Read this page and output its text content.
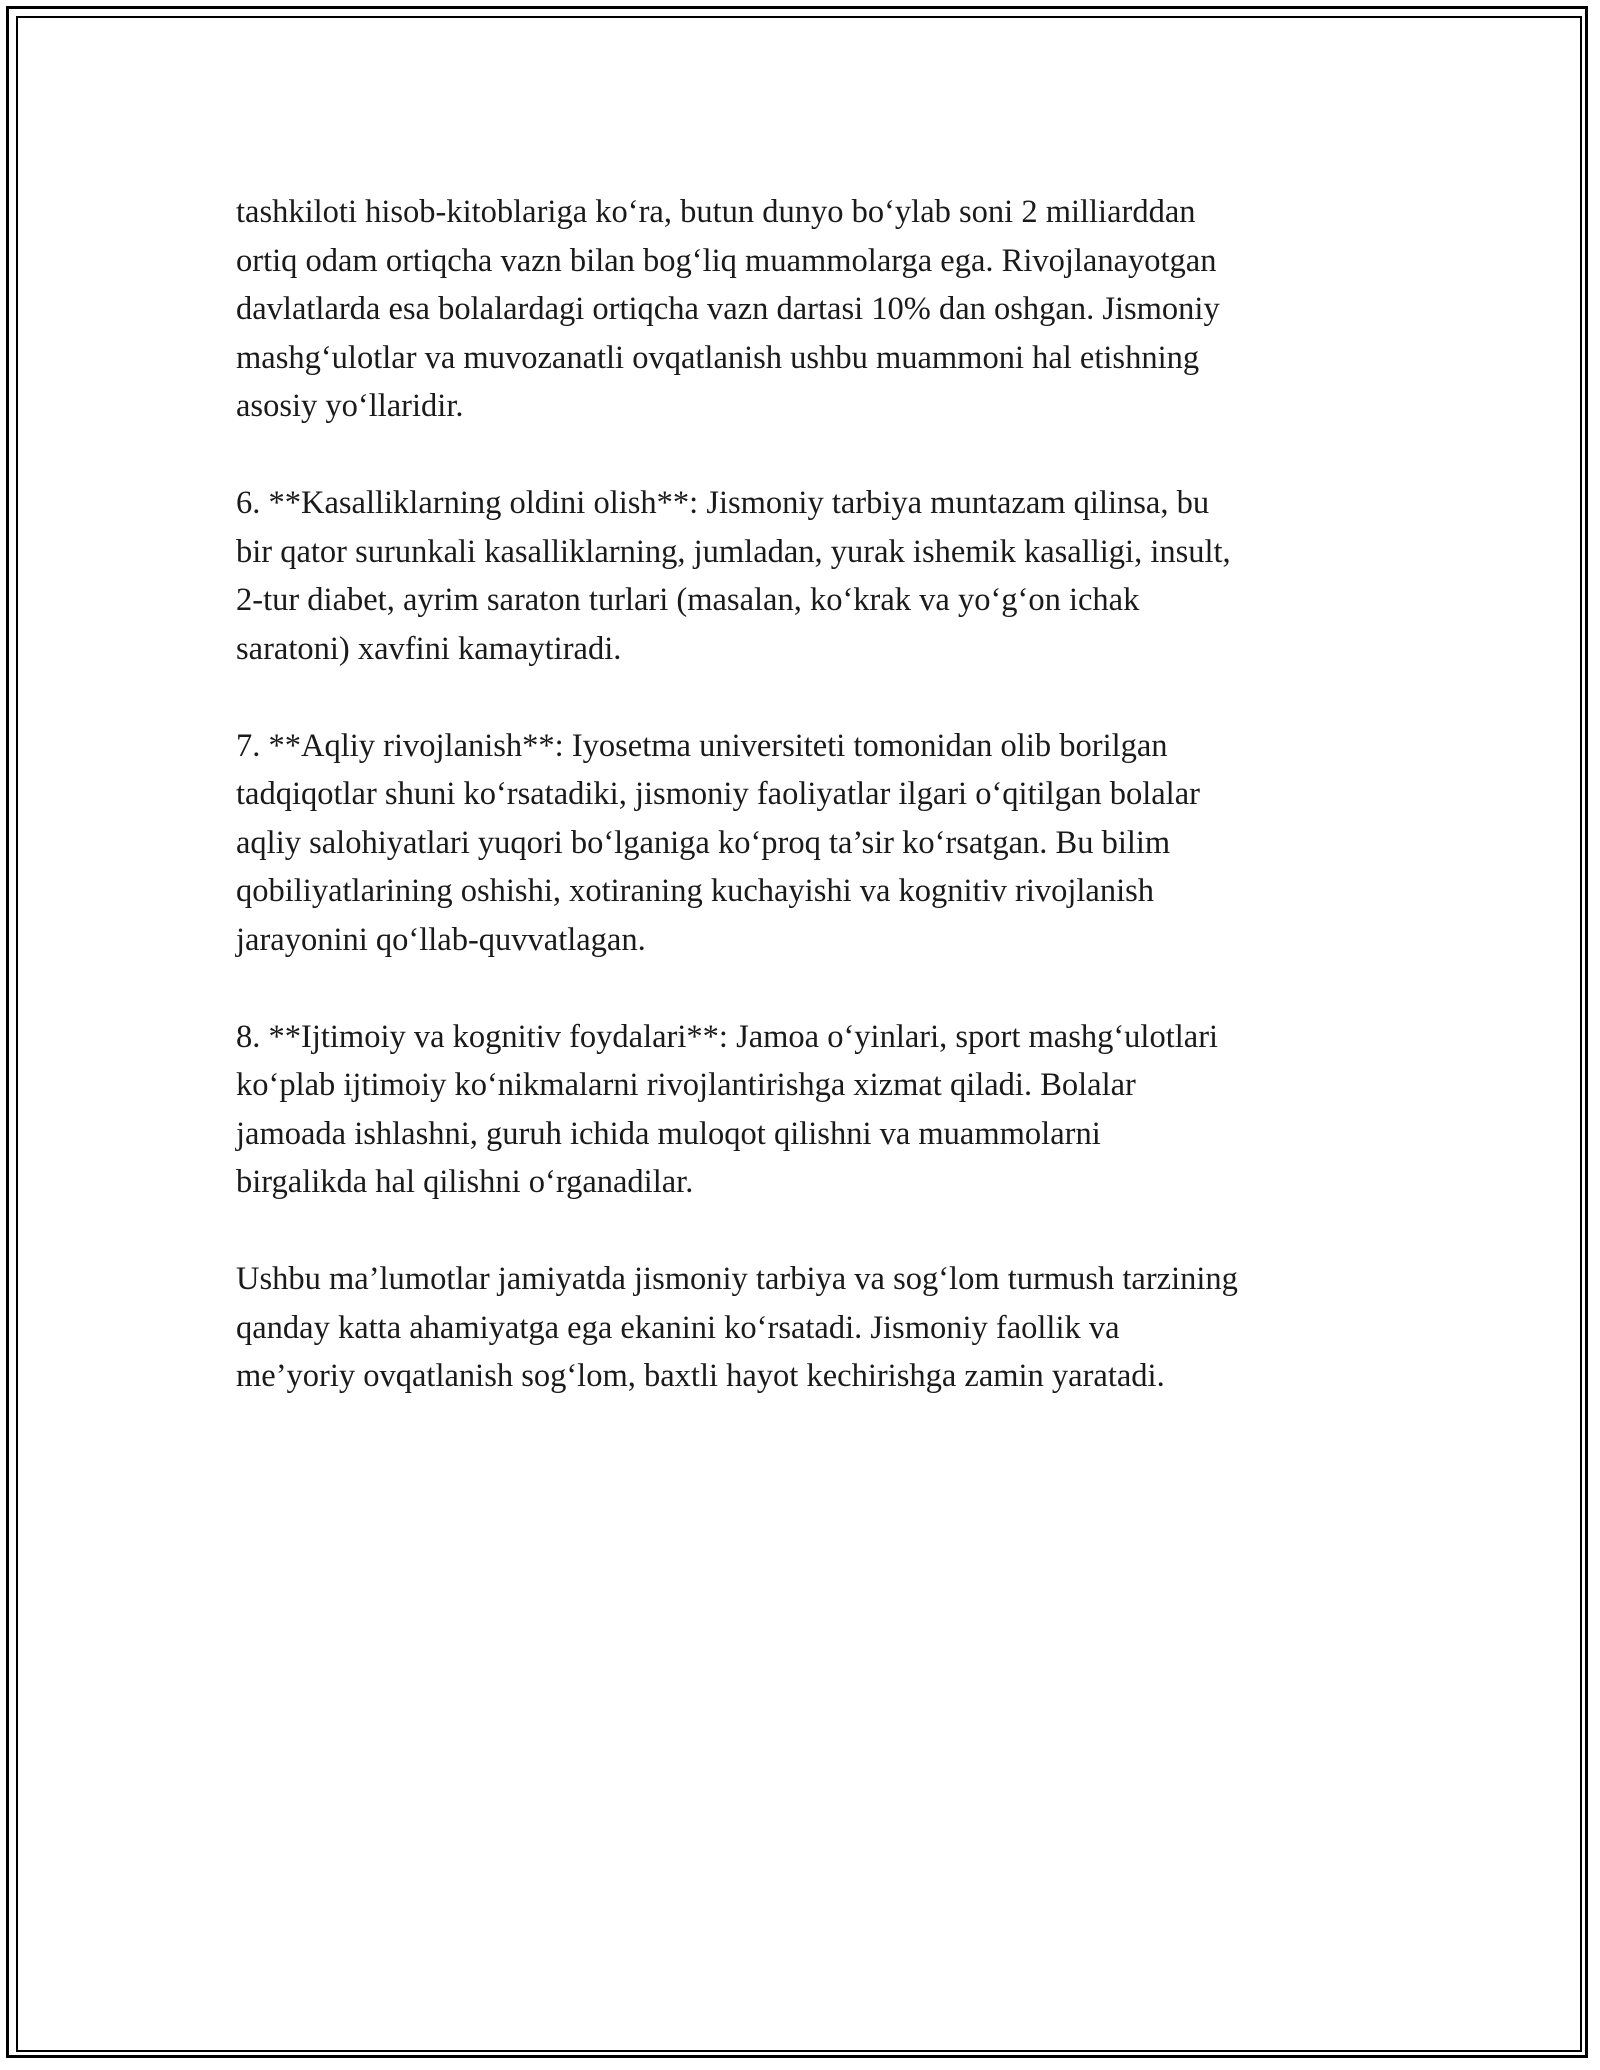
tashkiloti hisob-kitoblariga ko‘ra, butun dunyo bo‘ylab soni 2 milliarddan
ortiq odam ortiqcha vazn bilan bog‘liq muammolarga ega. Rivojlanayotgan
davlatlarda esa bolalardagi ortiqcha vazn dartasi 10% dan oshgan. Jismoniy
mashg‘ulotlar va muvozanatli ovqatlanish ushbu muammoni hal etishning
asosiy yo‘llaridir.

6. **Kasalliklarning oldini olish**: Jismoniy tarbiya muntazam qilinsa, bu
bir qator surunkali kasalliklarning, jumladan, yurak ishemik kasalligi, insult,
2-tur diabet, ayrim saraton turlari (masalan, ko‘krak va yo‘g‘on ichak
saratoni) xavfini kamaytiradi.

7. **Aqliy rivojlanish**: Iyosetma universiteti tomonidan olib borilgan
tadqiqotlar shuni ko‘rsatadiki, jismoniy faoliyatlar ilgari o‘qitilgan bolalar
aqliy salohiyatlari yuqori bo‘lganiga ko‘proq ta’sir ko‘rsatgan. Bu bilim
qobiliyatlarining oshishi, xotiraning kuchayishi va kognitiv rivojlanish
jarayonini qo‘llab-quvvatlagan.

8. **Ijtimoiy va kognitiv foydalari**: Jamoa o‘yinlari, sport mashg‘ulotlari
ko‘plab ijtimoiy ko‘nikmalarni rivojlantirishga xizmat qiladi. Bolalar
jamoada ishlashni, guruh ichida muloqot qilishni va muammolarni
birgalikda hal qilishni o‘rganadilar.

Ushbu ma’lumotlar jamiyatda jismoniy tarbiya va sog‘lom turmush tarzining
qanday katta ahamiyatga ega ekanini ko‘rsatadi. Jismoniy faollik va
me’yoriy ovqatlanish sog‘lom, baxtli hayot kechirishga zamin yaratadi.
